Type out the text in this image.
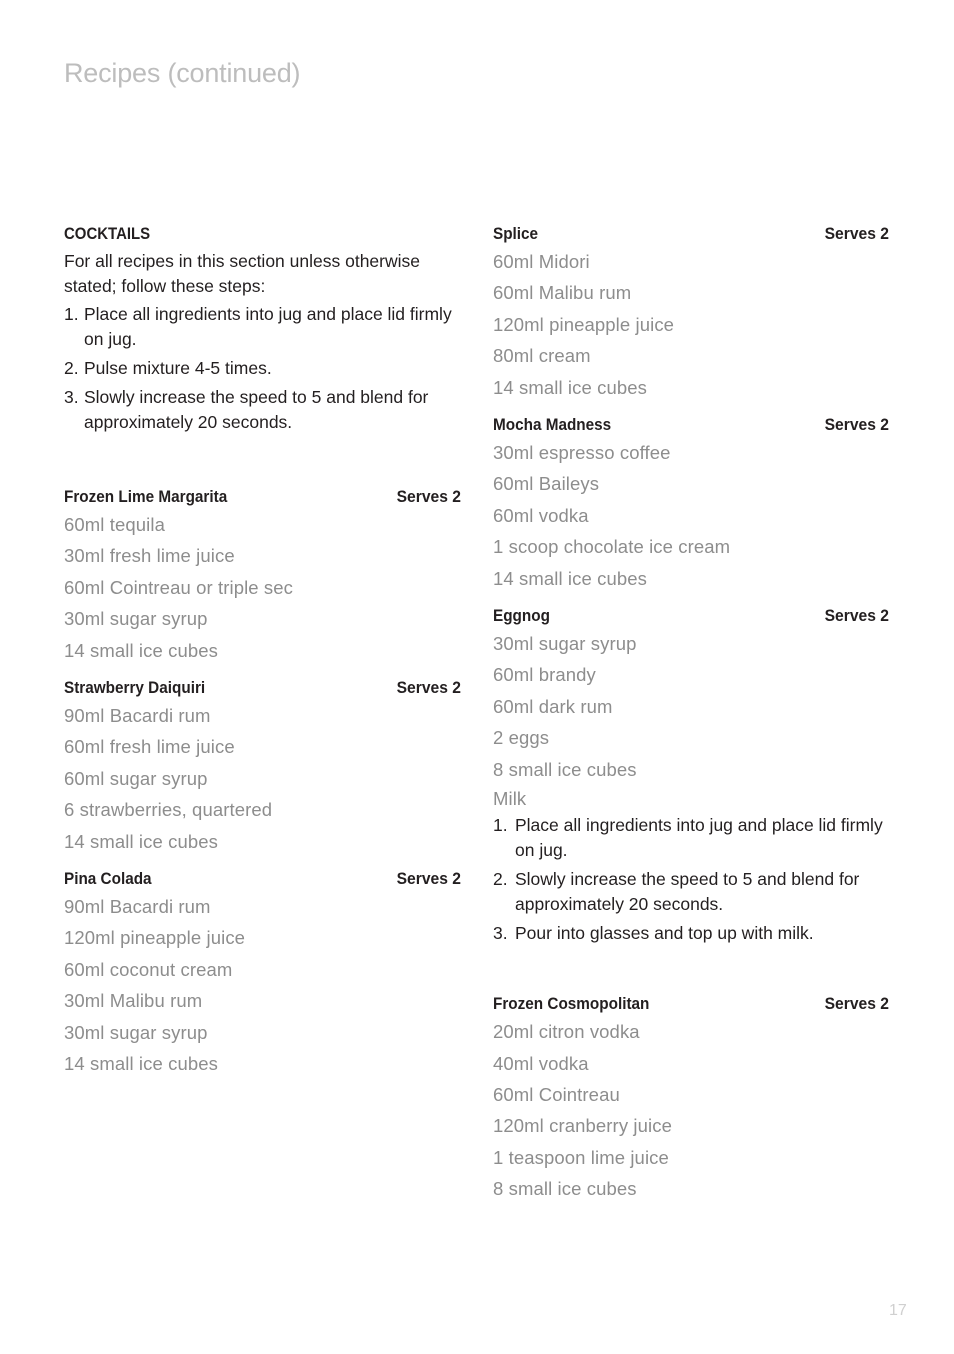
Recipes (continued)
COCKTAILS
For all recipes in this section unless otherwise stated; follow these steps:
1. Place all ingredients into jug and place lid firmly on jug.
2. Pulse mixture 4-5 times.
3. Slowly increase the speed to 5 and blend for approximately 20 seconds.
Frozen Lime Margarita	Serves 2
60ml tequila
30ml fresh lime juice
60ml Cointreau or triple sec
30ml sugar syrup
14 small ice cubes
Strawberry Daiquiri	Serves 2
90ml Bacardi rum
60ml fresh lime juice
60ml sugar syrup
6 strawberries, quartered
14 small ice cubes
Pina Colada	Serves 2
90ml Bacardi rum
120ml pineapple juice
60ml coconut cream
30ml Malibu rum
30ml sugar syrup
14 small ice cubes
Splice	Serves 2
60ml Midori
60ml Malibu rum
120ml pineapple juice
80ml cream
14 small ice cubes
Mocha Madness	Serves 2
30ml espresso coffee
60ml Baileys
60ml vodka
1 scoop chocolate ice cream
14 small ice cubes
Eggnog	Serves 2
30ml sugar syrup
60ml brandy
60ml dark rum
2 eggs
8 small ice cubes
Milk
1. Place all ingredients into jug and place lid firmly on jug.
2. Slowly increase the speed to 5 and blend for approximately 20 seconds.
3. Pour into glasses and top up with milk.
Frozen Cosmopolitan	Serves 2
20ml citron vodka
40ml vodka
60ml Cointreau
120ml cranberry juice
1 teaspoon lime juice
8 small ice cubes
17
